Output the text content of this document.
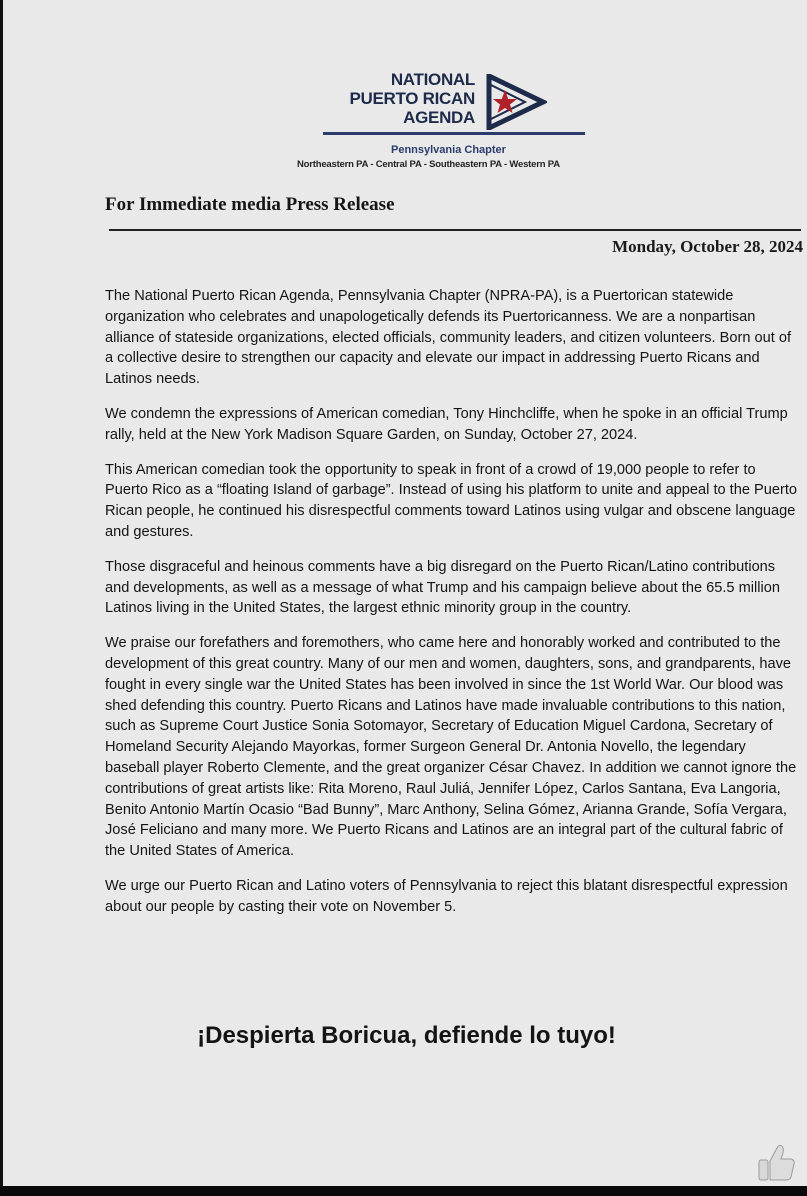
NATIONAL
PUERTO RICAN
AGENDA
Pennsylvania Chapter
Northeastern PA - Central PA - Southeastern PA - Western PA
For Immediate media Press Release
Monday, October 28, 2024

The National Puerto Rican Agenda, Pennsylvania Chapter (NPRA-PA), is a Puertorican statewide organization who celebrates and unapologetically defends its Puertoricanness. We are a nonpartisan alliance of stateside organizations, elected officials, community leaders, and citizen volunteers. Born out of a collective desire to strengthen our capacity and elevate our impact in addressing Puerto Ricans and Latinos needs.

We condemn the expressions of American comedian, Tony Hinchcliffe, when he spoke in an official Trump rally, held at the New York Madison Square Garden, on Sunday, October 27, 2024.

This American comedian took the opportunity to speak in front of a crowd of 19,000 people to refer to Puerto Rico as a “floating Island of garbage”. Instead of using his platform to unite and appeal to the Puerto Rican people, he continued his disrespectful comments toward Latinos using vulgar and obscene language and gestures.

Those disgraceful and heinous comments have a big disregard on the Puerto Rican/Latino contributions and developments, as well as a message of what Trump and his campaign believe about the 65.5 million Latinos living in the United States, the largest ethnic minority group in the country.

We praise our forefathers and foremothers, who came here and honorably worked and contributed to the development of this great country. Many of our men and women, daughters, sons, and grandparents, have fought in every single war the United States has been involved in since the 1st World War. Our blood was shed defending this country. Puerto Ricans and Latinos have made invaluable contributions to this nation, such as Supreme Court Justice Sonia Sotomayor, Secretary of Education Miguel Cardona, Secretary of Homeland Security Alejando Mayorkas, former Surgeon General Dr. Antonia Novello, the legendary baseball player Roberto Clemente, and the great organizer César Chavez. In addition we cannot ignore the contributions of great artists like: Rita Moreno, Raul Juliá, Jennifer López, Carlos Santana, Eva Langoria, Benito Antonio Martín Ocasio “Bad Bunny”, Marc Anthony, Selina Gómez, Arianna Grande, Sofía Vergara, José Feliciano and many more. We Puerto Ricans and Latinos are an integral part of the cultural fabric of the United States of America.

We urge our Puerto Rican and Latino voters of Pennsylvania to reject this blatant disrespectful expression about our people by casting their vote on November 5.

¡Despierta Boricua, defiende lo tuyo!
